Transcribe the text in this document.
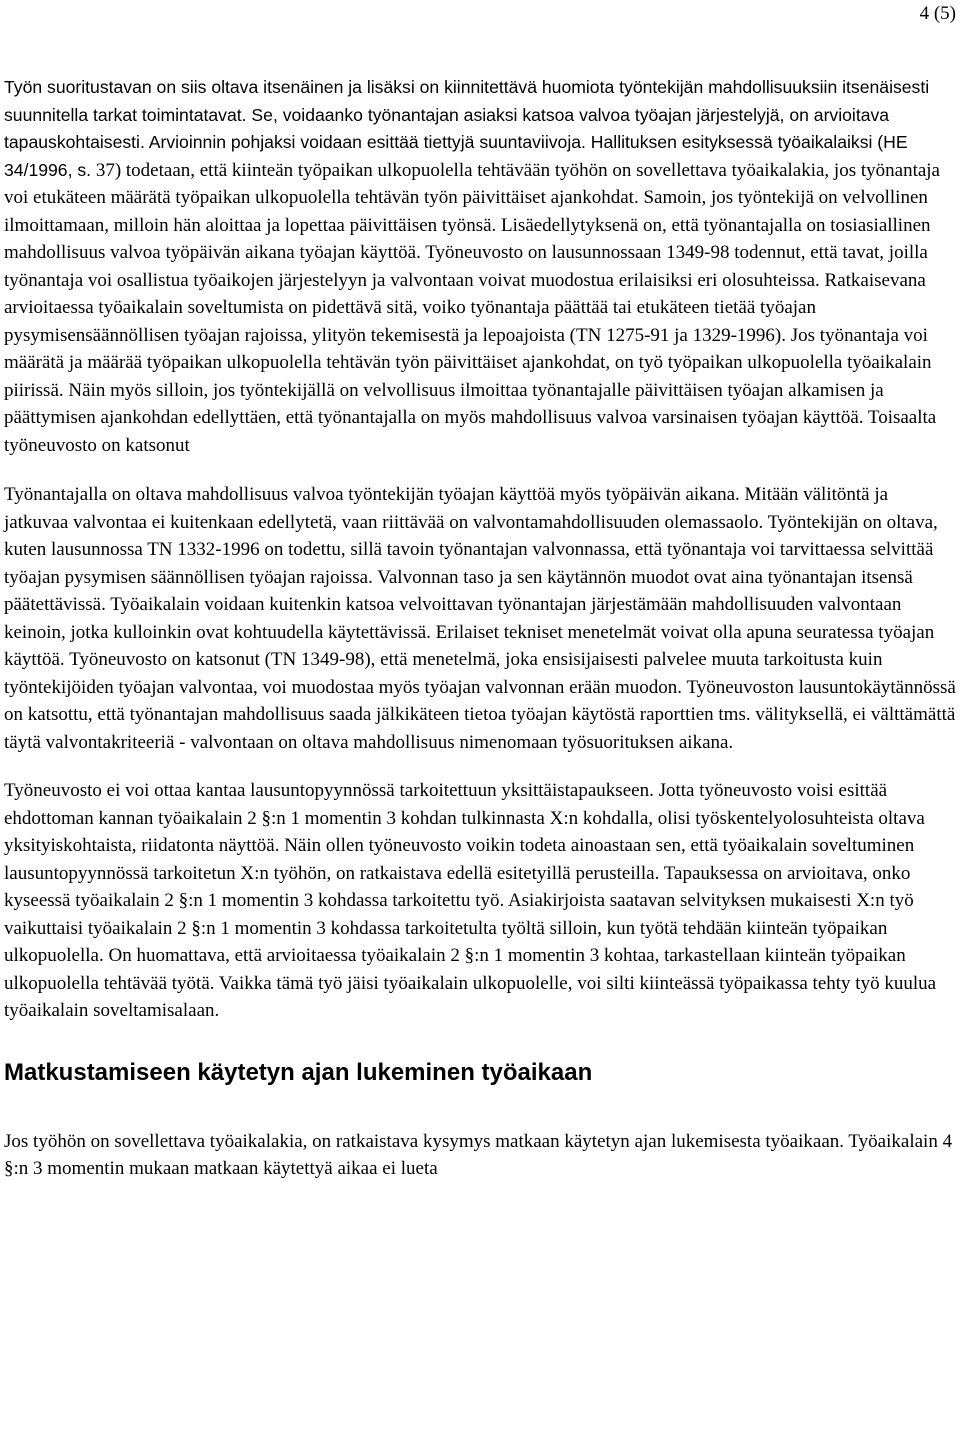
4 (5)

Työn suoritustavan on siis oltava itsenäinen ja lisäksi on kiinnitettävä huomiota työntekijän mahdollisuuksiin itsenäisesti suunnitella tarkat toimintatavat. Se, voidaanko työnantajan asiaksi katsoa valvoa työajan järjestelyjä, on arvioitava tapauskohtaisesti. Arvioinnin pohjaksi voidaan esittää tiettyjä suuntaviivoja. Hallituksen esityksessä työaikalaiksi (HE 34/1996, s. 37) todetaan, että kiinteän työpaikan ulkopuolella tehtävään työhön on sovellettava työaikalakia, jos työnantaja voi etukäteen määrätä työpaikan ulkopuolella tehtävän työn päivittäiset ajankohdat. Samoin, jos työntekijä on velvollinen ilmoittamaan, milloin hän aloittaa ja lopettaa päivittäisen työnsä. Lisäedellytyksenä on, että työnantajalla on tosiasiallinen mahdollisuus valvoa työpäivän aikana työajan käyttöä. Työneuvosto on lausunnossaan 1349-98 todennut, että tavat, joilla työnantaja voi osallistua työaikojen järjestelyyn ja valvontaan voivat muodostua erilaisiksi eri olosuhteissa. Ratkaisevana arvioitaessa työaikalain soveltumista on pidettävä sitä, voiko työnantaja päättää tai etukäteen tietää työajan pysymisensäännöllisen työajan rajoissa, ylityön tekemisestä ja lepoajoista (TN 1275-91 ja 1329-1996). Jos työnantaja voi määrätä ja määrää työpaikan ulkopuolella tehtävän työn päivittäiset ajankohdat, on työ työpaikan ulkopuolella työaikalain piirissä. Näin myös silloin, jos työntekijällä on velvollisuus ilmoittaa työnantajalle päivittäisen työajan alkamisen ja päättymisen ajankohdan edellyttäen, että työnantajalla on myös mahdollisuus valvoa varsinaisen työajan käyttöä. Toisaalta työneuvosto on katsonut

Työnantajalla on oltava mahdollisuus valvoa työntekijän työajan käyttöä myös työpäivän aikana. Mitään välitöntä ja jatkuvaa valvontaa ei kuitenkaan edellytetä, vaan riittävää on valvontamahdollisuuden olemassaolo. Työntekijän on oltava, kuten lausunnossa TN 1332-1996 on todettu, sillä tavoin työnantajan valvonnassa, että työnantaja voi tarvittaessa selvittää työajan pysymisen säännöllisen työajan rajoissa. Valvonnan taso ja sen käytännön muodot ovat aina työnantajan itsensä päätettävissä. Työaikalain voidaan kuitenkin katsoa velvoittavan työnantajan järjestämään mahdollisuuden valvontaan keinoin, jotka kulloinkin ovat kohtuudella käytettävissä. Erilaiset tekniset menetelmät voivat olla apuna seuratessa työajan käyttöä. Työneuvosto on katsonut (TN 1349-98), että menetelmä, joka ensisijaisesti palvelee muuta tarkoitusta kuin työntekijöiden työajan valvontaa, voi muodostaa myös työajan valvonnan erään muodon. Työneuvoston lausuntokäytännössä on katsottu, että työnantajan mahdollisuus saada jälkikäteen tietoa työajan käytöstä raporttien tms. välityksellä, ei välttämättä täytä valvontakriteeriä - valvontaan on oltava mahdollisuus nimenomaan työsuorituksen aikana.

Työneuvosto ei voi ottaa kantaa lausuntopyynnössä tarkoitettuun yksittäistapaukseen. Jotta työneuvosto voisi esittää ehdottoman kannan työaikalain 2 §:n 1 momentin 3 kohdan tulkinnasta X:n kohdalla, olisi työskentelyolosuhteista oltava yksityiskohtaista, riidatonta näyttöä. Näin ollen työneuvosto voikin todeta ainoastaan sen, että työaikalain soveltuminen lausuntopyynnössä tarkoitetun X:n työhön, on ratkaistava edellä esitetyillä perusteilla. Tapauksessa on arvioitava, onko kyseessä työaikalain 2 §:n 1 momentin 3 kohdassa tarkoitettu työ. Asiakirjoista saatavan selvityksen mukaisesti X:n työ vaikuttaisi työaikalain 2 §:n 1 momentin 3 kohdassa tarkoitetulta työltä silloin, kun työtä tehdään kiinteän työpaikan ulkopuolella. On huomattava, että arvioitaessa työaikalain 2 §:n 1 momentin 3 kohtaa, tarkastellaan kiinteän työpaikan ulkopuolella tehtävää työtä. Vaikka tämä työ jäisi työaikalain ulkopuolelle, voi silti kiinteässä työpaikassa tehty työ kuulua työaikalain soveltamisalaan.

Matkustamiseen käytetyn ajan lukeminen työaikaan

Jos työhön on sovellettava työaikalakia, on ratkaistava kysymys matkaan käytetyn ajan lukemisesta työaikaan. Työaikalain 4 §:n 3 momentin mukaan matkaan käytettyä aikaa ei lueta
